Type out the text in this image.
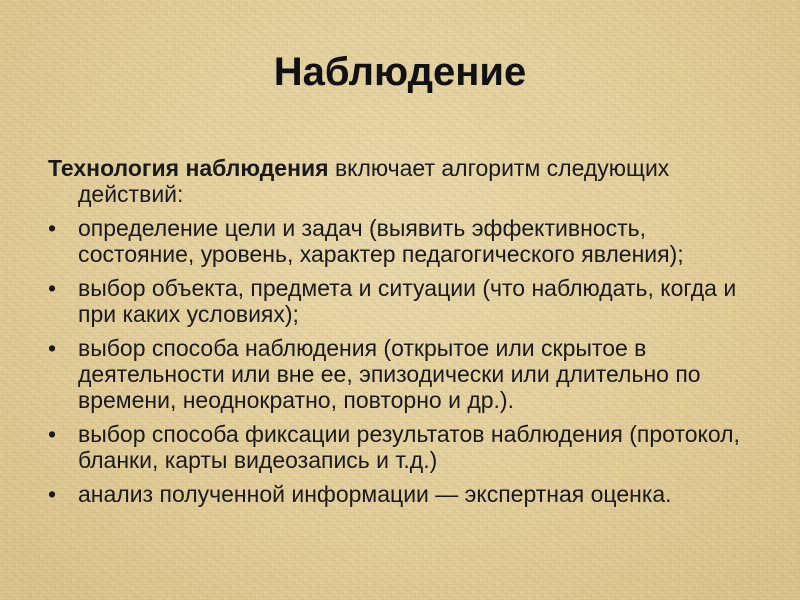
Наблюдение

Технология наблюдения включает алгоритм следующих действий:

• определение цели и задач (выявить эффективность, состояние, уровень, характер педагогического явления);
• выбор объекта, предмета и ситуации (что наблюдать, когда и при каких условиях);
• выбор способа наблюдения (открытое или скрытое в деятельности или вне ее, эпизодически или длительно по времени, неоднократно, повторно и др.).
• выбор способа фиксации результатов наблюдения (протокол, бланки, карты видеозапись и т.д.)
• анализ полученной информации — экспертная оценка.
